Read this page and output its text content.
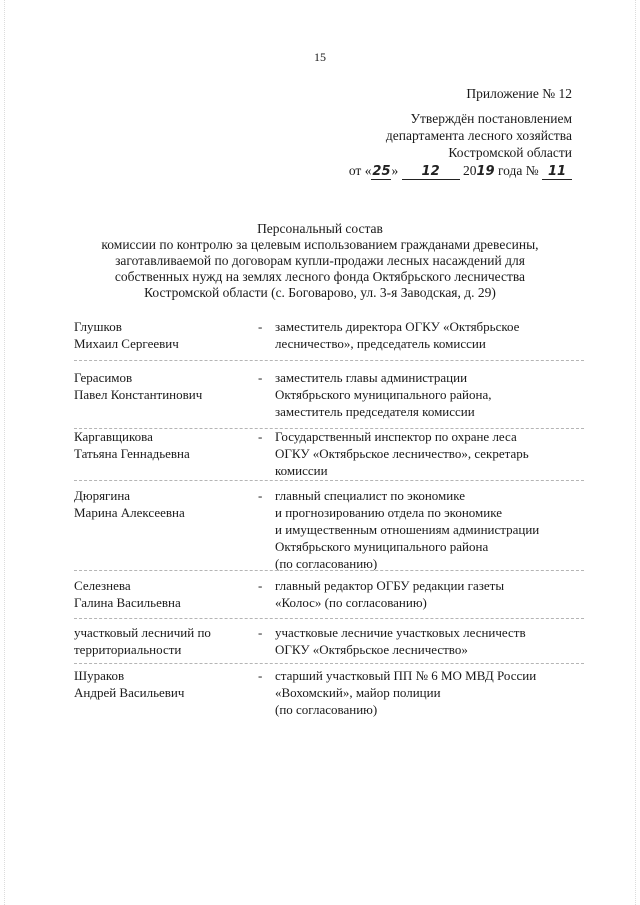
15
Приложение № 12
Утверждён постановлением
департамента лесного хозяйства
Костромской области
от «25» 12 2019 года № 11
Персональный состав
комиссии по контролю за целевым использованием гражданами древесины,
заготавливаемой по договорам купли-продажи лесных насаждений для
собственных нужд на землях лесного фонда Октябрьского лесничества
Костромской области (с. Боговарово, ул. 3-я Заводская, д. 29)
Глушков
Михаил Сергеевич
- заместитель директора ОГКУ «Октябрьское
лесничество», председатель комиссии
Герасимов
Павел Константинович
- заместитель главы администрации
Октябрьского муниципального района,
заместитель председателя комиссии
Каргавщикова
Татьяна Геннадьевна
- Государственный инспектор по охране леса
ОГКУ «Октябрьское лесничество», секретарь
комиссии
Дюрягина
Марина Алексеевна
- главный специалист по экономике
и прогнозированию отдела по экономике
и имущественным отношениям администрации
Октябрьского муниципального района
(по согласованию)
Селезнева
Галина Васильевна
- главный редактор ОГБУ редакции газеты
«Колос» (по согласованию)
участковый лесничий по
территориальности
- участковые лесничие участковых лесничеств
ОГКУ «Октябрьское лесничество»
Шураков
Андрей Васильевич
- старший участковый ПП № 6 МО МВД России
«Вохомский», майор полиции
(по согласованию)
